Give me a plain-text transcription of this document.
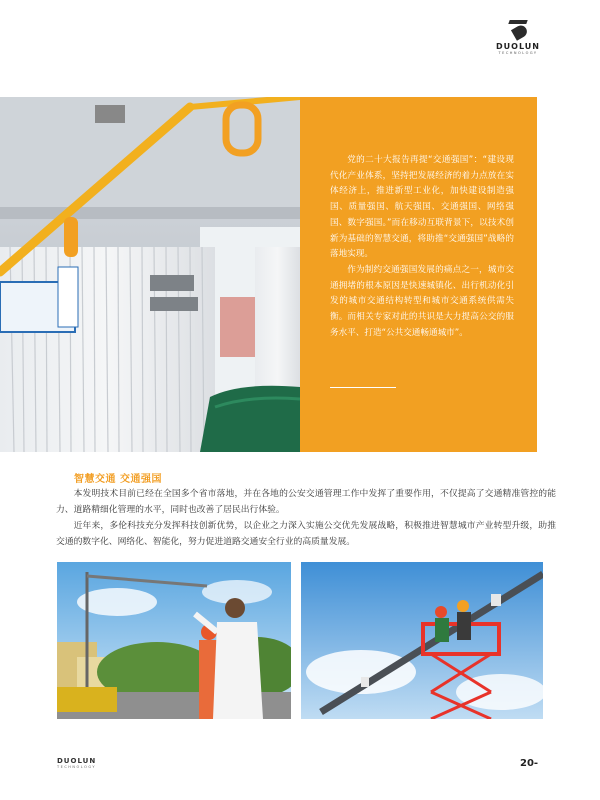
DUOLUN
TECHNOLOGY

党的二十大报告再提“交通强国”：“建设现代化产业体系，坚持把发展经济的着力点放在实体经济上，推进新型工业化，加快建设制造强国、质量强国、航天强国、交通强国、网络强国、数字强国。”而在移动互联背景下，以技术创新为基础的智慧交通，将助推“交通强国”战略的落地实现。

作为制约交通强国发展的痛点之一，城市交通拥堵的根本原因是快速城镇化、出行机动化引发的城市交通结构转型和城市交通系统供需失衡。而相关专家对此的共识是大力提高公交的服务水平、打造“公共交通畅通城市”。

智慧交通 交通强国

本发明技术目前已经在全国多个省市落地，并在各地的公安交通管理工作中发挥了重要作用，不仅提高了交通精准管控的能力、道路精细化管理的水平，同时也改善了居民出行体验。

近年来，多伦科技充分发挥科技创新优势，以企业之力深入实施公交优先发展战略，积极推进智慧城市产业转型升级，助推交通的数字化、网络化、智能化，努力促进道路交通安全行业的高质量发展。

DUOLUN
TECHNOLOGY	20-
